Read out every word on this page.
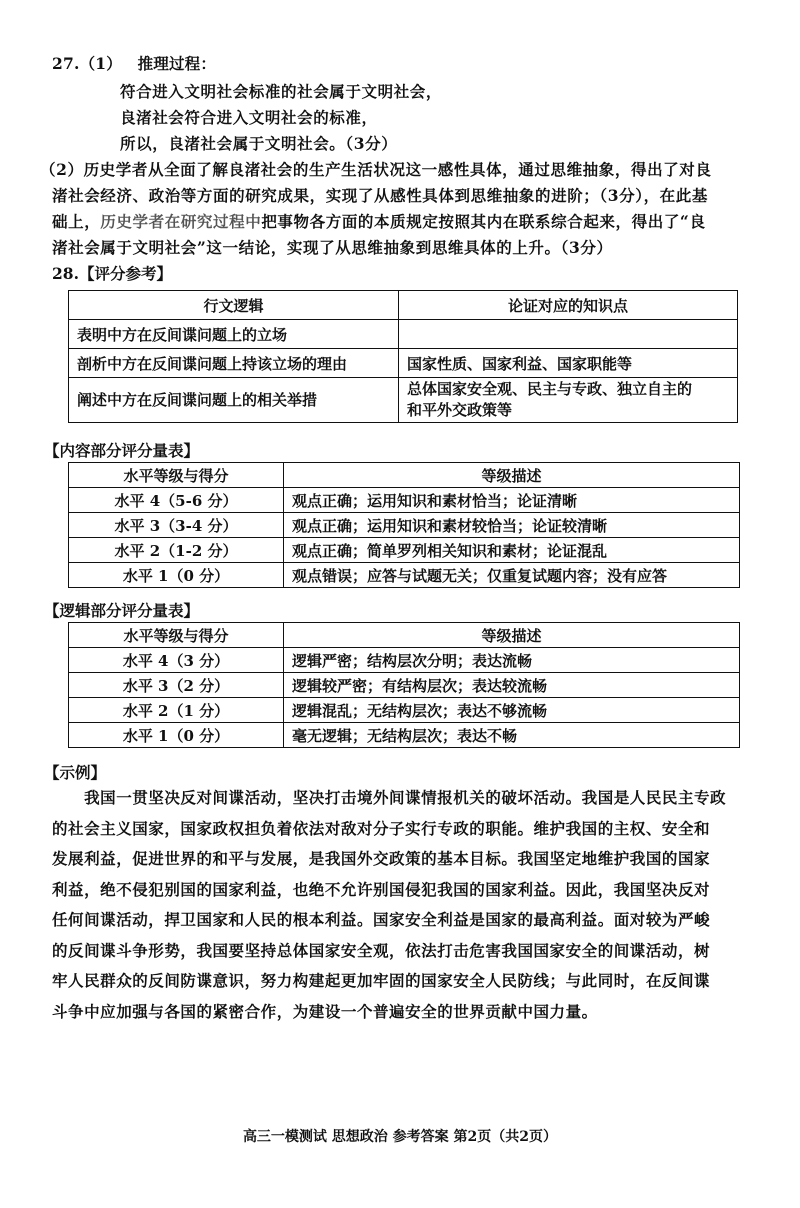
27.（1） 推理过程：
符合进入文明社会标准的社会属于文明社会，
良渚社会符合进入文明社会的标准，
所以，良渚社会属于文明社会。（3分）
（2）历史学者从全面了解良渚社会的生产生活状况这一感性具体，通过思维抽象，得出了对良
渚社会经济、政治等方面的研究成果，实现了从感性具体到思维抽象的进阶；（3分），在此基
础上，历史学者在研究过程中把事物各方面的本质规定按照其内在联系综合起来，得出了“良
渚社会属于文明社会”这一结论，实现了从思维抽象到思维具体的上升。（3分）
28.【评分参考】
行文逻辑	论证对应的知识点
表明中方在反间谍问题上的立场	
剖析中方在反间谍问题上持该立场的理由	国家性质、国家利益、国家职能等
阐述中方在反间谍问题上的相关举措	总体国家安全观、民主与专政、独立自主的
和平外交政策等
【内容部分评分量表】
水平等级与得分	等级描述
水平 4（5-6 分）	观点正确；运用知识和素材恰当；论证清晰
水平 3（3-4 分）	观点正确；运用知识和素材较恰当；论证较清晰
水平 2（1-2 分）	观点正确；简单罗列相关知识和素材；论证混乱
水平 1（0 分）	观点错误；应答与试题无关；仅重复试题内容；没有应答
【逻辑部分评分量表】
水平等级与得分	等级描述
水平 4（3 分）	逻辑严密；结构层次分明；表达流畅
水平 3（2 分）	逻辑较严密；有结构层次；表达较流畅
水平 2（1 分）	逻辑混乱；无结构层次；表达不够流畅
水平 1（0 分）	毫无逻辑；无结构层次；表达不畅
【示例】
　　我国一贯坚决反对间谍活动，坚决打击境外间谍情报机关的破坏活动。我国是人民民主专政
的社会主义国家，国家政权担负着依法对敌对分子实行专政的职能。维护我国的主权、安全和
发展利益，促进世界的和平与发展，是我国外交政策的基本目标。我国坚定地维护我国的国家
利益，绝不侵犯别国的国家利益，也绝不允许别国侵犯我国的国家利益。因此，我国坚决反对
任何间谍活动，捍卫国家和人民的根本利益。国家安全利益是国家的最高利益。面对较为严峻
的反间谍斗争形势，我国要坚持总体国家安全观，依法打击危害我国国家安全的间谍活动，树
牢人民群众的反间防谍意识，努力构建起更加牢固的国家安全人民防线；与此同时，在反间谍
斗争中应加强与各国的紧密合作，为建设一个普遍安全的世界贡献中国力量。
高三一模测试 思想政治 参考答案 第2页（共2页）
